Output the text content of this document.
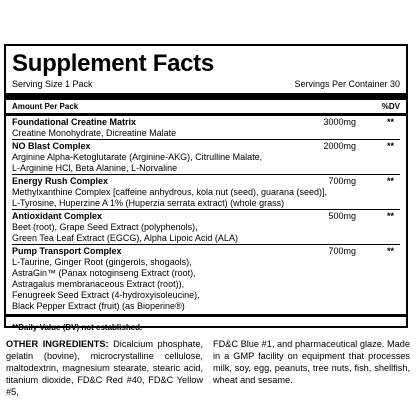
Supplement Facts
Serving Size 1 Pack	Servings Per Container 30
Amount Per Pack	%DV
Foundational Creatine Matrix	3000mg	**
Creatine Monohydrate, Dicreatine Malate
NO Blast Complex	2000mg	**
Arginine Alpha-Ketoglutarate (Arginine-AKG), Citrulline Malate,
L-Arginine HCl, Beta Alanine, L-Norvaline
Energy Rush Complex	700mg	**
Methylxanthine Complex [caffeine anhydrous, kola nut (seed), guarana (seed)],
L-Tyrosine, Huperzine A 1% (Huperzia serrata extract) (whole grass)
Antioxidant Complex	500mg	**
Beet (root), Grape Seed Extract (polyphenols),
Green Tea Leaf Extract (EGCG), Alpha Lipoic Acid (ALA)
Pump Transport Complex	700mg	**
L-Taurine, Ginger Root (gingerols, shogaols),
AstraGin™ (Panax notoginseng Extract (root),
Astragalus membranaceous Extract (root)),
Fenugreek Seed Extract (4-hydroxyisoleucine),
Black Pepper Extract (fruit) (as Bioperine®)
**Daily Value (DV) not established.
OTHER INGREDIENTS: Dicalcium phosphate, gelatin (bovine), microcrystalline cellulose, maltodextrin, magnesium stearate, stearic acid, titanium dioxide, FD&C Red #40, FD&C Yellow #5,
FD&C Blue #1, and pharmaceutical glaze. Made in a GMP facility on equipment that processes milk, soy, egg, peanuts, tree nuts, fish, shellfish, wheat and sesame.
